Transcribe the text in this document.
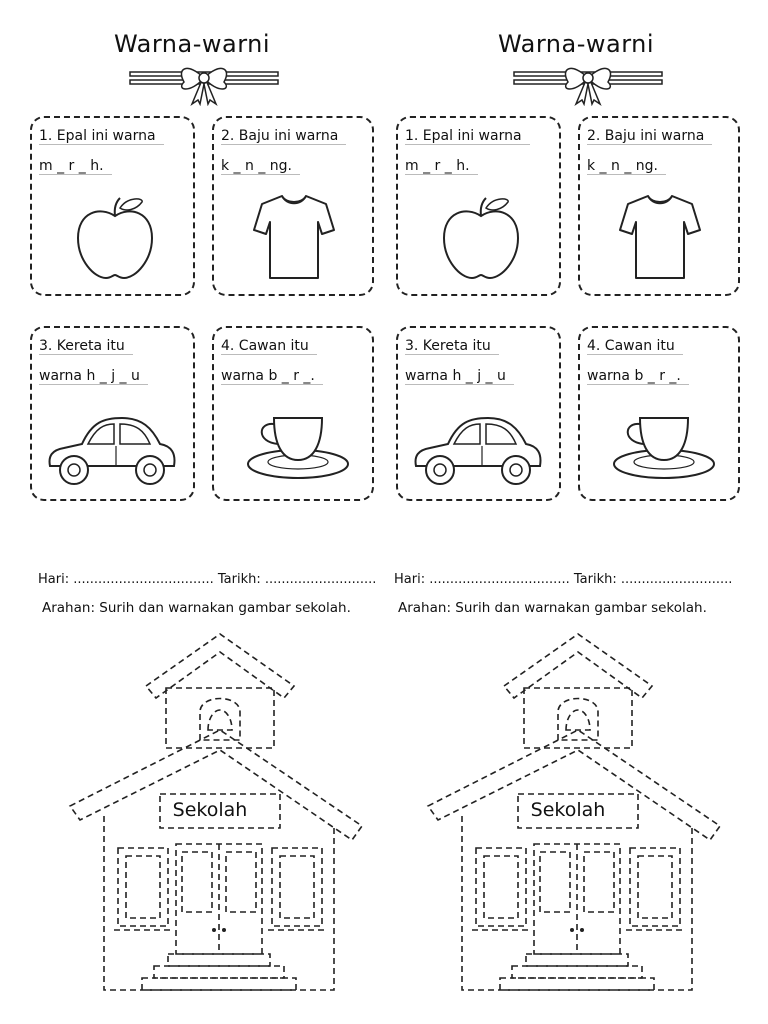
Warna-warni
1. Epal ini warna
m _ r _ h.
2. Baju ini warna
k _ n _ ng.
3. Kereta itu
warna h _ j _ u
4. Cawan itu
warna b _ r _.
Warna-warni
1. Epal ini warna
m _ r _ h.
2. Baju ini warna
k _ n _ ng.
3. Kereta itu
warna h _ j _ u
4. Cawan itu
warna b _ r _.
Hari: .................................. Tarikh: ...........................
Arahan: Surih dan warnakan gambar sekolah.
Sekolah
Hari: .................................. Tarikh: ...........................
Arahan: Surih dan warnakan gambar sekolah.
Sekolah
